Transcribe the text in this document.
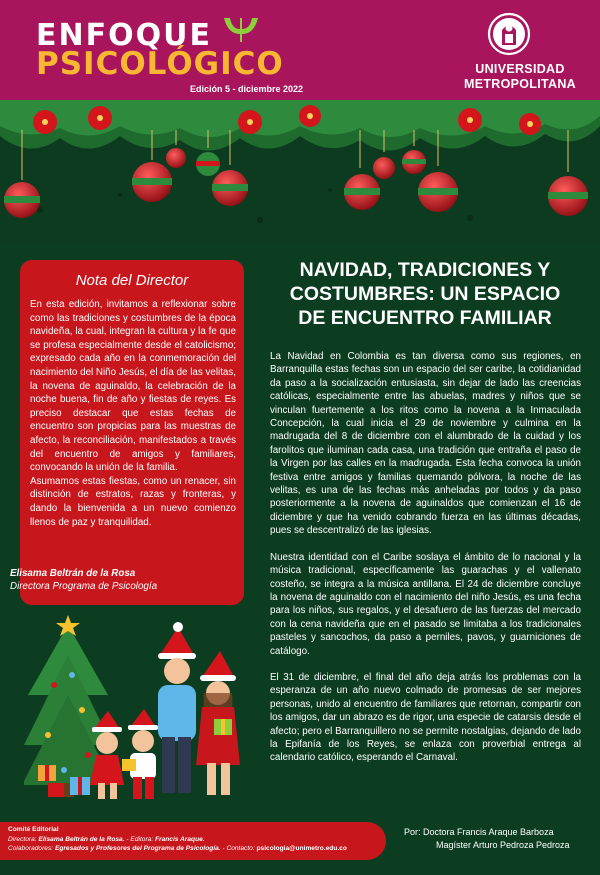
ENFOQUE
PSICOLÓGICO
Edición 5 - diciembre 2022
UNIVERSIDAD
METROPOLITANA
Nota del Director

En esta edición, invitamos a reflexionar sobre como las tradiciones y costumbres de la época navideña, la cual, integran la cultura y la fe que se profesa especialmente desde el catolicismo; expresado cada año en la conmemoración del nacimiento del Niño Jesús, el día de las velitas, la novena de aguinaldo, la celebración de la noche buena, fin de año y fiestas de reyes. Es preciso destacar que estas fechas de encuentro son propicias para las muestras de afecto, la reconciliación, manifestados a través del encuentro de amigos y familiares, convocando la unión de la familia.

Asumamos estas fiestas, como un renacer, sin distinción de estratos, razas y fronteras, y dando la bienvenida a un nuevo comienzo llenos de paz y tranquilidad.

Elisama Beltrán de la Rosa
Directora Programa de Psicología
NAVIDAD, TRADICIONES Y
COSTUMBRES: UN ESPACIO
DE ENCUENTRO FAMILIAR

La Navidad en Colombia es tan diversa como sus regiones, en Barranquilla estas fechas son un espacio del ser caribe, la cotidianidad da paso a la socialización entusiasta, sin dejar de lado las creencias católicas, especialmente entre las abuelas, madres y niños que se vinculan fuertemente a los ritos como la novena a la Inmaculada Concepción, la cual inicia el 29 de noviembre y culmina en la madrugada del 8 de diciembre con el alumbrado de la cuidad y los farolitos que iluminan cada casa, una tradición que entraña el paso de la Virgen por las calles en la madrugada. Esta fecha convoca la unión festiva entre amigos y familias quemando pólvora, la noche de las velitas, es una de las fechas más anheladas por todos y da paso posteriormente a la novena de aguinaldos que comienzan el 16 de diciembre y que ha venido cobrando fuerza en las últimas décadas, pues se descentralizó de las iglesias.

Nuestra identidad con el Caribe soslaya el ámbito de lo nacional y la música tradicional, específicamente las guarachas y el vallenato costeño, se integra a la música antillana. El 24 de diciembre concluye la novena de aguinaldo con el nacimiento del niño Jesús, es una fecha para los niños, sus regalos, y el desafuero de las fuerzas del mercado con la cena navideña que en el pasado se limitaba a los tradicionales pasteles y sancochos, da paso a perniles, pavos, y guarniciones de catálogo.

El 31 de diciembre, el final del año deja atrás los problemas con la esperanza de un año nuevo colmado de promesas de ser mejores personas, unido al encuentro de familiares que retornan, compartir con los amigos, dar un abrazo es de rigor, una especie de catarsis desde el afecto; pero el Barranquillero no se permite nostalgias, dejando de lado la Epifanía de los Reyes, se enlaza con proverbial entrega al calendario católico, esperando el Carnaval.

Comité Editorial
Directora: Elisama Beltrán de la Rosa. - Editora: Francis Araque.
Colaboradores: Egresados y Profesores del Programa de Psicología. - Contacto: psicologia@unimetro.edu.co
Por: Doctora Francis Araque Barboza
Magíster Arturo Pedroza Pedroza
